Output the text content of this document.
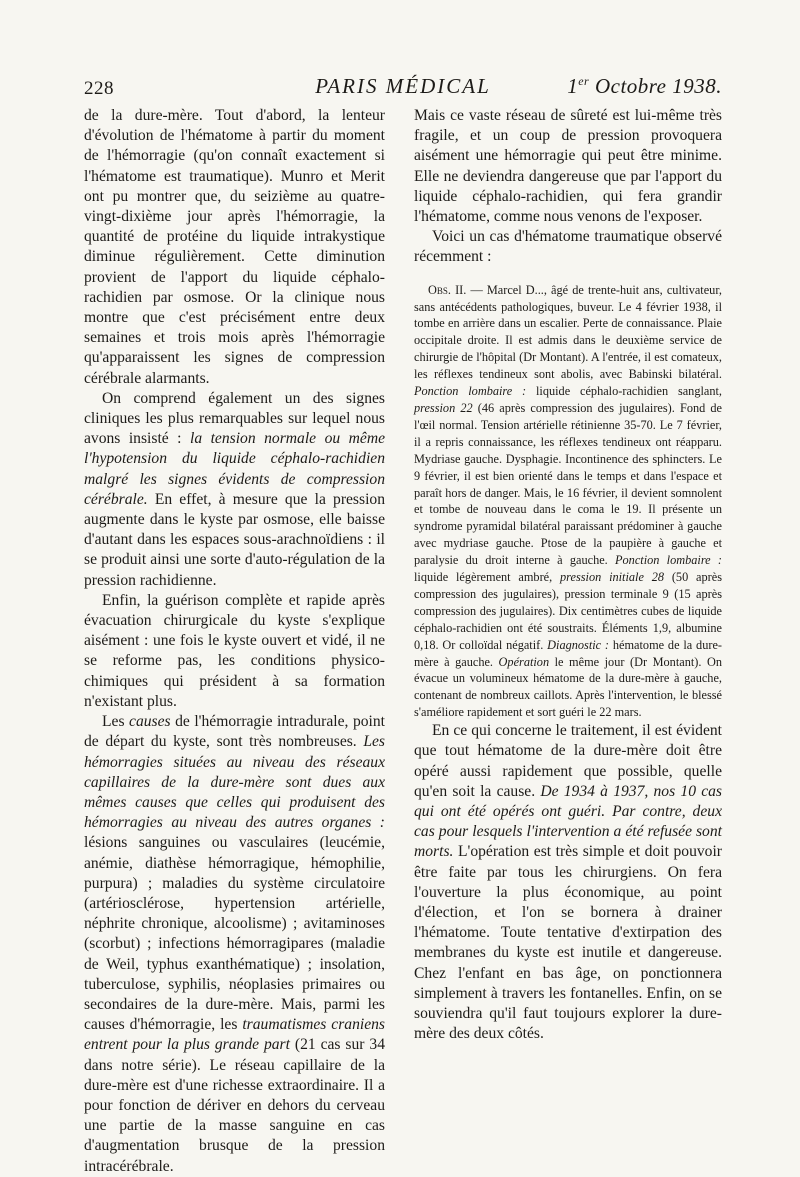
228	PARIS MÉDICAL	1er Octobre 1938.

de la dure-mère. Tout d'abord, la lenteur d'évolution de l'hématome à partir du moment de l'hémorragie (qu'on connaît exactement si l'hématome est traumatique). Munro et Merit ont pu montrer que, du seizième au quatre-vingt-dixième jour après l'hémorragie, la quantité de protéine du liquide intrakystique diminue régulièrement. Cette diminution provient de l'apport du liquide céphalo-rachidien par osmose. Or la clinique nous montre que c'est précisément entre deux semaines et trois mois après l'hémorragie qu'apparaissent les signes de compression cérébrale alarmants.

On comprend également un des signes cliniques les plus remarquables sur lequel nous avons insisté : la tension normale ou même l'hypotension du liquide céphalo-rachidien malgré les signes évidents de compression cérébrale. En effet, à mesure que la pression augmente dans le kyste par osmose, elle baisse d'autant dans les espaces sous-arachnoïdiens : il se produit ainsi une sorte d'auto-régulation de la pression rachidienne.

Enfin, la guérison complète et rapide après évacuation chirurgicale du kyste s'explique aisément : une fois le kyste ouvert et vidé, il ne se reforme pas, les conditions physico-chimiques qui président à sa formation n'existant plus.

Les causes de l'hémorragie intradurale, point de départ du kyste, sont très nombreuses. Les hémorragies situées au niveau des réseaux capillaires de la dure-mère sont dues aux mêmes causes que celles qui produisent des hémorragies au niveau des autres organes : lésions sanguines ou vasculaires (leucémie, anémie, diathèse hémorragique, hémophilie, purpura) ; maladies du système circulatoire (artériosclérose, hypertension artérielle, néphrite chronique, alcoolisme) ; avitaminoses (scorbut) ; infections hémorragipares (maladie de Weil, typhus exanthématique) ; insolation, tuberculose, syphilis, néoplasies primaires ou secondaires de la dure-mère. Mais, parmi les causes d'hémorragie, les traumatismes craniens entrent pour la plus grande part (21 cas sur 34 dans notre série). Le réseau capillaire de la dure-mère est d'une richesse extraordinaire. Il a pour fonction de dériver en dehors du cerveau une partie de la masse sanguine en cas d'augmentation brusque de la pression intracérébrale.

Mais ce vaste réseau de sûreté est lui-même très fragile, et un coup de pression provoquera aisément une hémorragie qui peut être minime. Elle ne deviendra dangereuse que par l'apport du liquide céphalo-rachidien, qui fera grandir l'hématome, comme nous venons de l'exposer.

Voici un cas d'hématome traumatique observé récemment :

Obs. II. — Marcel D..., âgé de trente-huit ans, cultivateur, sans antécédents pathologiques, buveur. Le 4 février 1938, il tombe en arrière dans un escalier. Perte de connaissance. Plaie occipitale droite. Il est admis dans le deuxième service de chirurgie de l'hôpital (Dr Montant). A l'entrée, il est comateux, les réflexes tendineux sont abolis, avec Babinski bilatéral. Ponction lombaire : liquide céphalo-rachidien sanglant, pression 22 (46 après compression des jugulaires). Fond de l'œil normal. Tension artérielle rétinienne 35-70. Le 7 février, il a repris connaissance, les réflexes tendineux ont réapparu. Mydriase gauche. Dysphagie. Incontinence des sphincters. Le 9 février, il est bien orienté dans le temps et dans l'espace et paraît hors de danger. Mais, le 16 février, il devient somnolent et tombe de nouveau dans le coma le 19. Il présente un syndrome pyramidal bilatéral paraissant prédominer à gauche avec mydriase gauche. Ptose de la paupière à gauche et paralysie du droit interne à gauche. Ponction lombaire : liquide légèrement ambré, pression initiale 28 (50 après compression des jugulaires), pression terminale 9 (15 après compression des jugulaires). Dix centimètres cubes de liquide céphalo-rachidien ont été soustraits. Éléments 1,9, albumine 0,18. Or colloïdal négatif. Diagnostic : hématome de la dure-mère à gauche. Opération le même jour (Dr Montant). On évacue un volumineux hématome de la dure-mère à gauche, contenant de nombreux caillots. Après l'intervention, le blessé s'améliore rapidement et sort guéri le 22 mars.

En ce qui concerne le traitement, il est évident que tout hématome de la dure-mère doit être opéré aussi rapidement que possible, quelle qu'en soit la cause. De 1934 à 1937, nos 10 cas qui ont été opérés ont guéri. Par contre, deux cas pour lesquels l'intervention a été refusée sont morts. L'opération est très simple et doit pouvoir être faite par tous les chirurgiens. On fera l'ouverture la plus économique, au point d'élection, et l'on se bornera à drainer l'hématome. Toute tentative d'extirpation des membranes du kyste est inutile et dangereuse. Chez l'enfant en bas âge, on ponctionnera simplement à travers les fontanelles. Enfin, on se souviendra qu'il faut toujours explorer la dure-mère des deux côtés.
